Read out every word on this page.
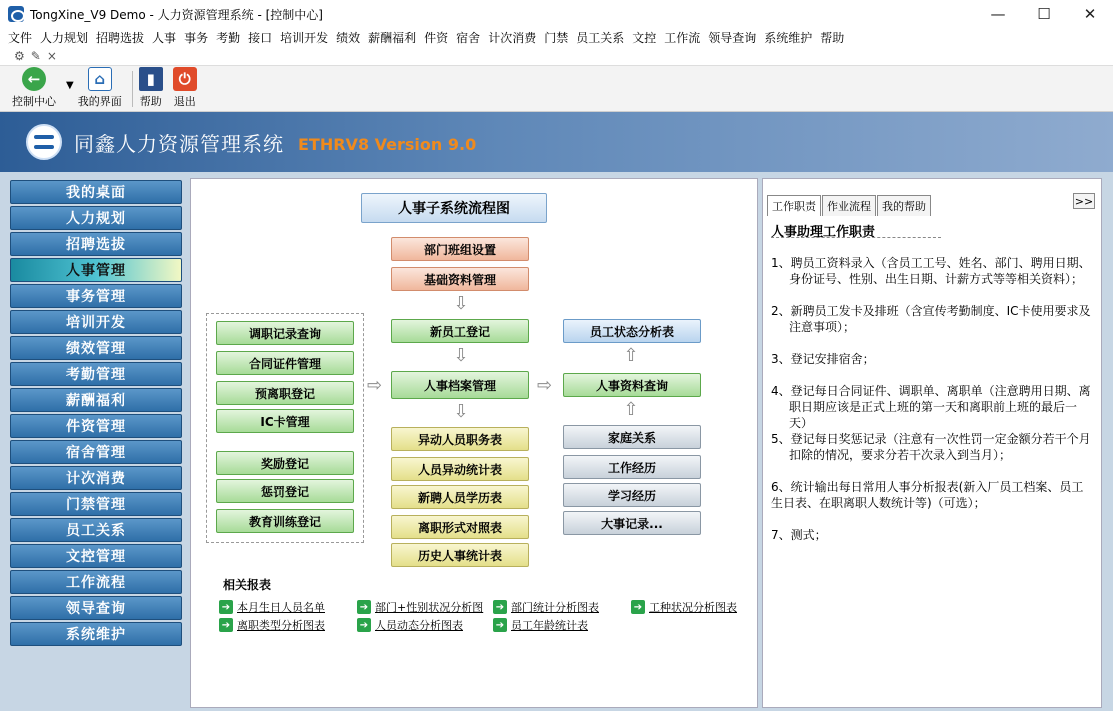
TongXine_V9 Demo - 人力资源管理系统 - [控制中心]	—	☐	✕
文件 人力规划 招聘选拔 人事 事务 考勤 接口 培训开发 绩效 薪酬福利 件资 宿舍 计次消费 门禁 员工关系 文控 工作流 领导查询 系统维护 帮助
⚙ ✎ ×
←
控制中心
▼	⌂
我的界面
▮
帮助
⏻
退出
同鑫人力资源管理系统 ETHRV8 Version 9.0
我的桌面
人力规划
招聘选拔
人事管理
事务管理
培训开发
绩效管理
考勤管理
薪酬福利
件资管理
宿舍管理
计次消费
门禁管理
员工关系
文控管理
工作流程
领导查询
系统维护
人事子系统流程图
部门班组设置
基础资料管理
⇩
新员工登记
⇩
人事档案管理
⇩
调职记录查询
合同证件管理
预离职登记
IC卡管理
奖励登记
惩罚登记
教育训练登记
⇨	⇨
异动人员职务表
人员异动统计表
新聘人员学历表
离职形式对照表
历史人事统计表
员工状态分析表
⇧
人事资料查询
⇧
家庭关系
工作经历
学习经历
大事记录...
相关报表
➔ 本月生日人员名单	➔ 部门+性别状况分析图 ➔ 部门统计分析图表	➔ 工种状况分析图表
➔ 离职类型分析图表	➔ 人员动态分析图表	➔ 员工年龄统计表
工作职责	作业流程	我的帮助	>>
人事助理工作职责

1、聘员工资料录入（含员工工号、姓名、部门、聘用日期、身份证号、性别、出生日期、计薪方式等等相关资料）；

2、新聘员工发卡及排班（含宣传考勤制度、IC卡使用要求及注意事项）；

3、登记安排宿舍；

4、登记每日合同证件、调职单、离职单（注意聘用日期、离职日期应该是正式上班的第一天和离职前上班的最后一天）

5、登记每日奖惩记录（注意有一次性罚一定金额分若干个月扣除的情况，要求分若干次录入到当月）；

6、统计输出每日常用人事分析报表(新入厂员工档案、员工生日表、在职离职人数统计等)（可选）；

7、测式；
